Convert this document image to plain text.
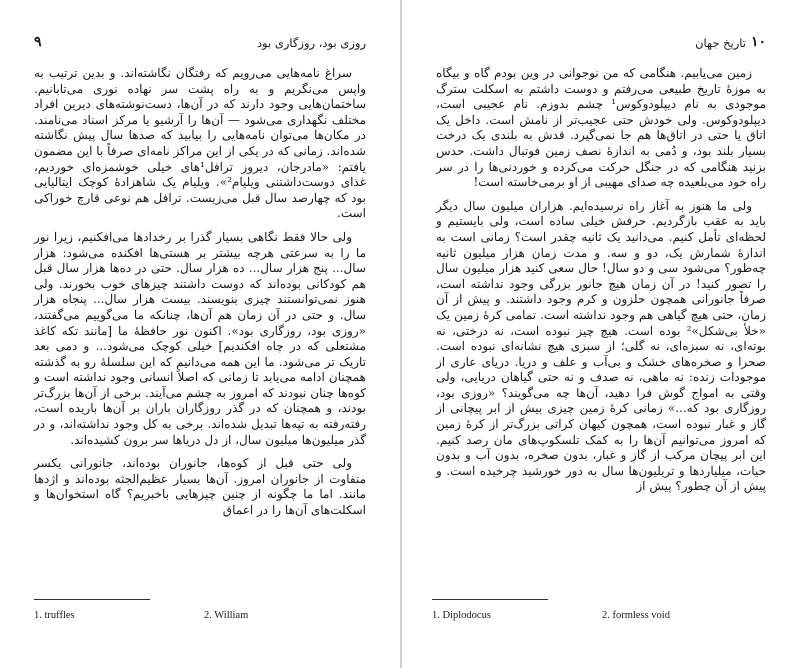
روزی بود، روزگاری بود
۹

سراغ نامه‌هایی می‌رویم که رفتگان نگاشته‌اند. و بدین ترتیب به واپس می‌نگریم و به راه پشت سر نهاده نوری می‌تابانیم. ساختمان‌هایی وجود دارند که در آن‌ها، دست‌نوشته‌های دیرین افراد مختلف نگهداری می‌شود — آن‌ها را آرشیو یا مرکز اسناد می‌نامند. در مکان‌ها می‌توان نامه‌هایی را بیابید که صدها سال پیش نگاشته شده‌اند. زمانی که در یکی از این مراکز نامه‌ای صرفاً با این مضمون یافتم: «مادرجان، دیروز ترافل¹های خیلی خوشمزه‌ای خوردیم، غذای دوست‌داشتنی ویلیام²». ویلیام یک شاهزادهٔ کوچک ایتالیایی بود که چهارصد سال قبل می‌زیست. ترافل هم نوعی قارچ خوراکی است.

ولی حالا فقط نگاهی بسیار گذرا بر رخدادها می‌افکنیم، زیرا نور ما را به سرعتی هرچه بیشتر بر هستی‌ها افکنده می‌شود: هزار سال... پنج هزار سال... ده هزار سال. حتی در ده‌ها هزار سال قبل هم کودکانی بوده‌اند که دوست داشتند چیزهای خوب بخورند. ولی هنوز نمی‌توانستند چیزی بنویسند. بیست هزار سال... پنجاه هزار سال. و حتی در آن زمان هم آن‌ها، چنانکه ما می‌گوییم می‌گفتند، «روزی بود، روزگاری بود». اکنون نور حافظهٔ ما [مانند تکه کاغذ مشتعلی که در چاه افکندیم] خیلی کوچک می‌شود... و دمی بعد تاریک تر می‌شود. ما این همه می‌دانیم که این سلسلهٔ رو به گذشته همچنان ادامه می‌یابد تا زمانی که اصلاً انسانی وجود نداشته است و کوه‌ها چنان نبودند که امروز به چشم می‌آیند. برخی از آن‌ها بزرگ‌تر بودند، و همچنان که در گذر روزگاران باران بر آن‌ها باریده است، رفته‌رفته به تپه‌ها تبدیل شده‌اند. برخی به کل وجود نداشته‌اند، و در گذر میلیون‌ها میلیون سال، از دل دریاها سر برون کشیده‌اند.

ولی حتی قبل از کوه‌ها، جانوران بوده‌اند، جانورانی یکسر متفاوت از جانوران امروز. آن‌ها بسیار عظیم‌الجثه بوده‌اند و اژدها مانند. اما ما چگونه از چنین چیزهایی باخبریم؟ گاه استخوان‌ها و اسکلت‌های آن‌ها را در اعماق

1. truffles	2. William
۱۰
تاریخ جهان

زمین می‌یابیم. هنگامی که من نوجوانی در وین بودم گاه و بیگاه به موزهٔ تاریخ طبیعی می‌رفتم و دوست داشتم به اسکلت سترگ موجودی به نام دیپلودوکوس¹ چشم بدوزم. نام عجیبی است، دیپلودوکوس. ولی خودش حتی عجیب‌تر از نامش است. داخل یک اتاق یا حتی در اتاق‌ها هم جا نمی‌گیرد. قدش به بلندی یک درخت بسیار بلند بود، و دُمی به اندازهٔ نصف زمین فوتبال داشت. حدس بزنید هنگامی که در جنگل حرکت می‌کرده و خوردنی‌ها را در سر راه خود می‌بلعیده چه صدای مهیبی از او برمی‌خاسته است!

ولی ما هنوز به آغاز راه نرسیده‌ایم. هزاران میلیون سال دیگر باید به عقب بازگردیم. حرفش خیلی ساده است، ولی بایستیم و لحظه‌ای تأمل کنیم. می‌دانید یک ثانیه چقدر است؟ زمانی است به اندازهٔ شمارش یک، دو و سه. و مدت زمان هزار میلیون ثانیه چه‌طور؟ می‌شود سی و دو سال! حال سعی کنید هزار میلیون سال را تصور کنید! در آن زمان هیچ جانور بزرگی وجود نداشته است، صرفاً جانورانی همچون حلزون و کرم وجود داشتند. و پیش از آن زمان، حتی هیچ گیاهی هم وجود نداشته است. تمامی کرهٔ زمین یک «خلأ بی‌شکل»² بوده است. هیچ چیز نبوده است، نه درختی، نه بوته‌ای، نه سبزه‌ای، نه گلی؛ از سبزی هیچ نشانه‌ای نبوده است. صحرا و صخره‌های خشک و بی‌آب و علف و دریا. دریای عاری از موجودات زنده: نه ماهی، نه صدف و نه حتی گیاهان دریایی، ولی وقتی به امواج گوش فرا دهید، آن‌ها چه می‌گویند؟ «روزی بود، روزگاری بود که...» زمانی کرهٔ زمین چیزی بیش از ابر پیچانی از گاز و غبار نبوده است، همچون کیهان کراتی بزرگ‌تر از کرهٔ زمین که امروز می‌توانیم آن‌ها را به کمک تلسکوپ‌های مان رصد کنیم. این ابر پیچان مرکب از گاز و غبار، بدون صخره، بدون آب و بدون حیات، میلیاردها و تریلیون‌ها سال به دور خورشید چرخیده است. و پیش از آن چطور؟ پیش از

1. Diplodocus	2. formless void
